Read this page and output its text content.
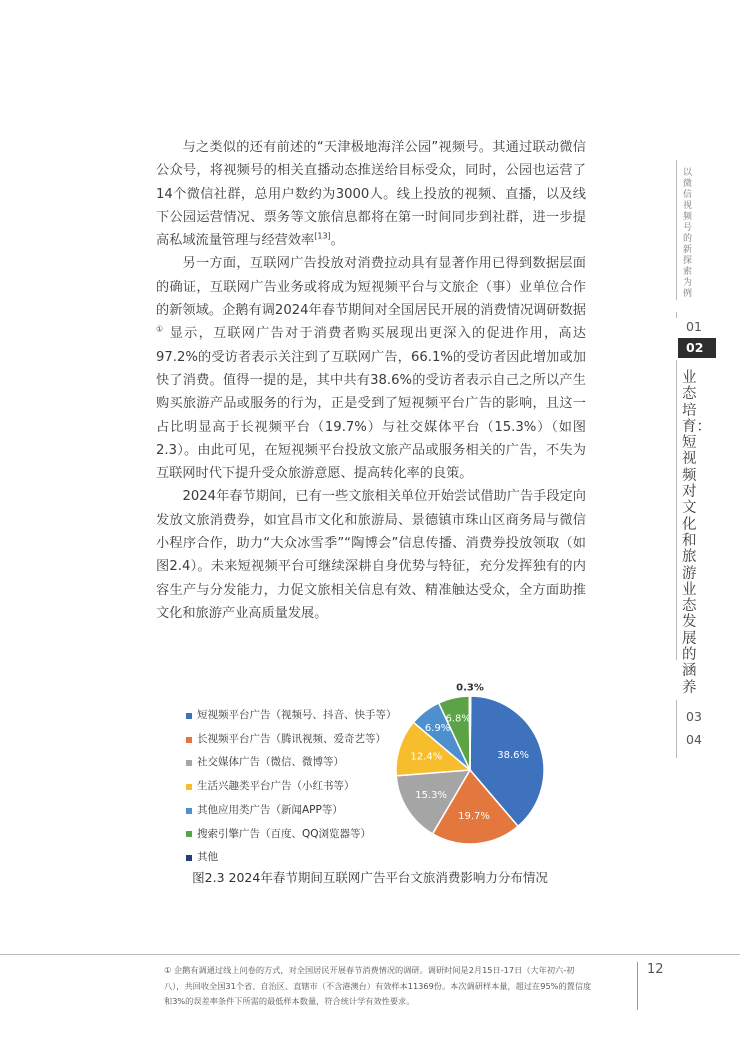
与之类似的还有前述的“天津极地海洋公园”视频号。其通过联动微信公众号，将视频号的相关直播动态推送给目标受众，同时，公园也运营了14个微信社群，总用户数约为3000人。线上投放的视频、直播，以及线下公园运营情况、票务等文旅信息都将在第一时间同步到社群，进一步提高私域流量管理与经营效率[13]。

另一方面，互联网广告投放对消费拉动具有显著作用已得到数据层面的确证，互联网广告业务或将成为短视频平台与文旅企（事）业单位合作的新领域。企鹅有调2024年春节期间对全国居民开展的消费情况调研数据① 显示，互联网广告对于消费者购买展现出更深入的促进作用，高达97.2%的受访者表示关注到了互联网广告，66.1%的受访者因此增加或加快了消费。值得一提的是，其中共有38.6%的受访者表示自己之所以产生购买旅游产品或服务的行为，正是受到了短视频平台广告的影响，且这一占比明显高于长视频平台（19.7%）与社交媒体平台（15.3%）（如图2.3）。由此可见，在短视频平台投放文旅产品或服务相关的广告，不失为互联网时代下提升受众旅游意愿、提高转化率的良策。

2024年春节期间，已有一些文旅相关单位开始尝试借助广告手段定向发放文旅消费券，如宜昌市文化和旅游局、景德镇市珠山区商务局与微信小程序合作，助力“大众冰雪季”“陶博会”信息传播、消费券投放领取（如图2.4）。未来短视频平台可继续深耕自身优势与特征，充分发挥独有的内容生产与分发能力，力促文旅相关信息有效、精准触达受众，全方面助推文化和旅游产业高质量发展。

以微信视频号的新探索为例
01
02
业态培育：短视频对文化和旅游业态发展的涵养
03
04
短视频平台广告（视频号、抖音、快手等）
长视频平台广告（腾讯视频、爱奇艺等）
社交媒体广告（微信、微博等）
生活兴趣类平台广告（小红书等）
其他应用类广告（新闻APP等）
搜索引擎广告（百度、QQ浏览器等）
其他
38.6%
19.7%
15.3%
12.4%
6.9%
6.8%
0.3%
图2.3 2024年春节期间互联网广告平台文旅消费影响力分布情况
① 企鹅有调通过线上问卷的方式，对全国居民开展春节消费情况的调研。调研时间是2月15日-17日（大年初六-初八），共回收全国31个省、自治区、直辖市（不含港澳台）有效样本11369份。本次调研样本量，超过在95%的置信度和3%的误差率条件下所需的最低样本数量，符合统计学有效性要求。
12
